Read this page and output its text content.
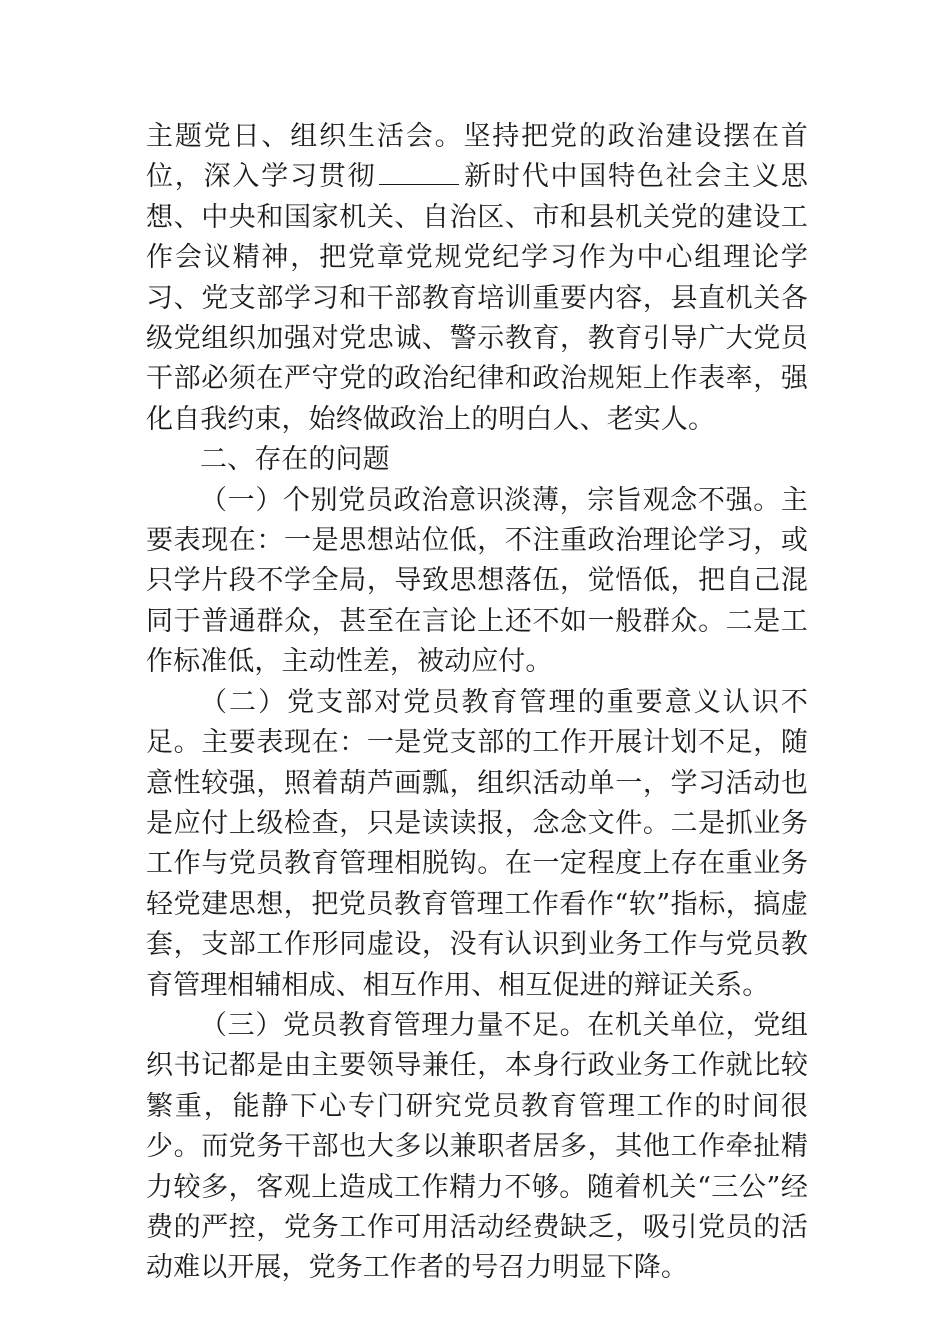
主题党日、组织生活会。坚持把党的政治建设摆在首位，深入学习贯彻	新时代中国特色社会主义思想、中央和国家机关、自治区、市和县机关党的建设工作会议精神，把党章党规党纪学习作为中心组理论学习、党支部学习和干部教育培训重要内容，县直机关各级党组织加强对党忠诚、警示教育，教育引导广大党员干部必须在严守党的政治纪律和政治规矩上作表率，强化自我约束，始终做政治上的明白人、老实人。

二、存在的问题

（一）个别党员政治意识淡薄，宗旨观念不强。主要表现在：一是思想站位低，不注重政治理论学习，或只学片段不学全局，导致思想落伍，觉悟低，把自己混同于普通群众，甚至在言论上还不如一般群众。二是工作标准低，主动性差，被动应付。

（二）党支部对党员教育管理的重要意义认识不足。主要表现在：一是党支部的工作开展计划不足，随意性较强，照着葫芦画瓢，组织活动单一，学习活动也是应付上级检查，只是读读报，念念文件。二是抓业务工作与党员教育管理相脱钩。在一定程度上存在重业务轻党建思想，把党员教育管理工作看作“软”指标，搞虚套，支部工作形同虚设，没有认识到业务工作与党员教育管理相辅相成、相互作用、相互促进的辩证关系。

（三）党员教育管理力量不足。在机关单位，党组织书记都是由主要领导兼任，本身行政业务工作就比较繁重，能静下心专门研究党员教育管理工作的时间很少。而党务干部也大多以兼职者居多，其他工作牵扯精力较多，客观上造成工作精力不够。随着机关“三公”经费的严控，党务工作可用活动经费缺乏，吸引党员的活动难以开展，党务工作者的号召力明显下降。
